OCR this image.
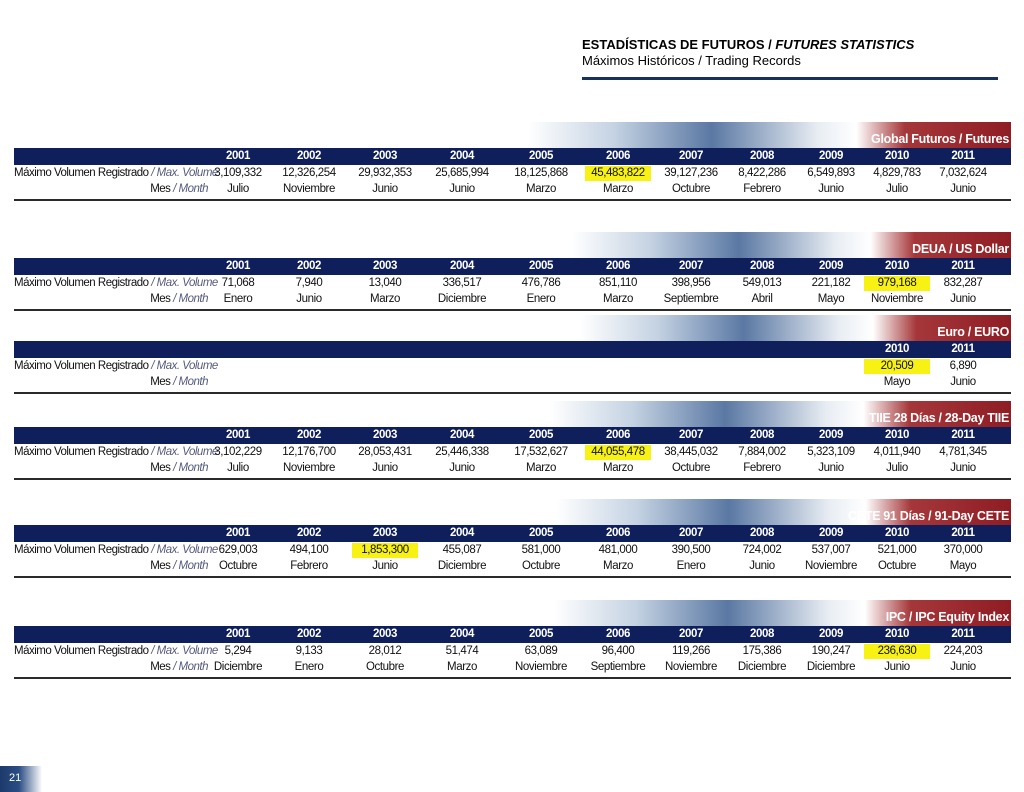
ESTADÍSTICAS DE FUTUROS / FUTURES STATISTICS
Máximos Históricos / Trading Records
Global Futuros / Futures
2001	2002	2003	2004	2005	2006	2007	2008	2009	2010	2011
Máximo Volumen Registrado / Max. Volume
3,109,332	12,326,254	29,932,353	25,685,994	18,125,868	45,483,822	39,127,236	8,422,286	6,549,893	4,829,783	7,032,624
Mes / Month	Julio	Noviembre	Junio	Junio	Marzo	Marzo	Octubre	Febrero	Junio	Julio	Junio
DEUA / US Dollar
2001	2002	2003	2004	2005	2006	2007	2008	2009	2010	2011
Máximo Volumen Registrado / Max. Volume 71,068	7,940	13,040	336,517	476,786	851,110	398,956	549,013	221,182	979,168	832,287
Mes / Month	Enero	Junio	Marzo	Diciembre	Enero	Marzo	Septiembre	Abril	Mayo	Noviembre	Junio
Euro / EURO
2010	2011
Máximo Volumen Registrado / Max. Volume	20,509	6,890
Mes / Month	Mayo	Junio
TIIE 28 Días / 28-Day TIIE
2001	2002	2003	2004	2005	2006	2007	2008	2009	2010	2011
Máximo Volumen Registrado / Max. Volume
3,102,229	12,176,700	28,053,431	25,446,338	17,532,627	44,055,478	38,445,032	7,884,002	5,323,109	4,011,940	4,781,345
Mes / Month	Julio	Noviembre	Junio	Junio	Marzo	Marzo	Octubre	Febrero	Junio	Julio	Junio
CETE 91 Días / 91-Day CETE
2001	2002	2003	2004	2005	2006	2007	2008	2009	2010	2011
Máximo Volumen Registrado / Max. Volume 629,003	494,100	1,853,300	455,087	581,000	481,000	390,500	724,002	537,007	521,000	370,000
Mes / Month Octubre	Febrero	Junio	Diciembre	Octubre	Marzo	Enero	Junio	Noviembre	Octubre	Mayo
IPC / IPC Equity Index
2001	2002	2003	2004	2005	2006	2007	2008	2009	2010	2011
Máximo Volumen Registrado / Max. Volume 5,294	9,133	28,012	51,474	63,089	96,400	119,266	175,386	190,247	236,630	224,203
Mes / Month Diciembre	Enero	Octubre	Marzo	Noviembre	Septiembre	Noviembre	Diciembre	Diciembre	Junio	Junio
21
